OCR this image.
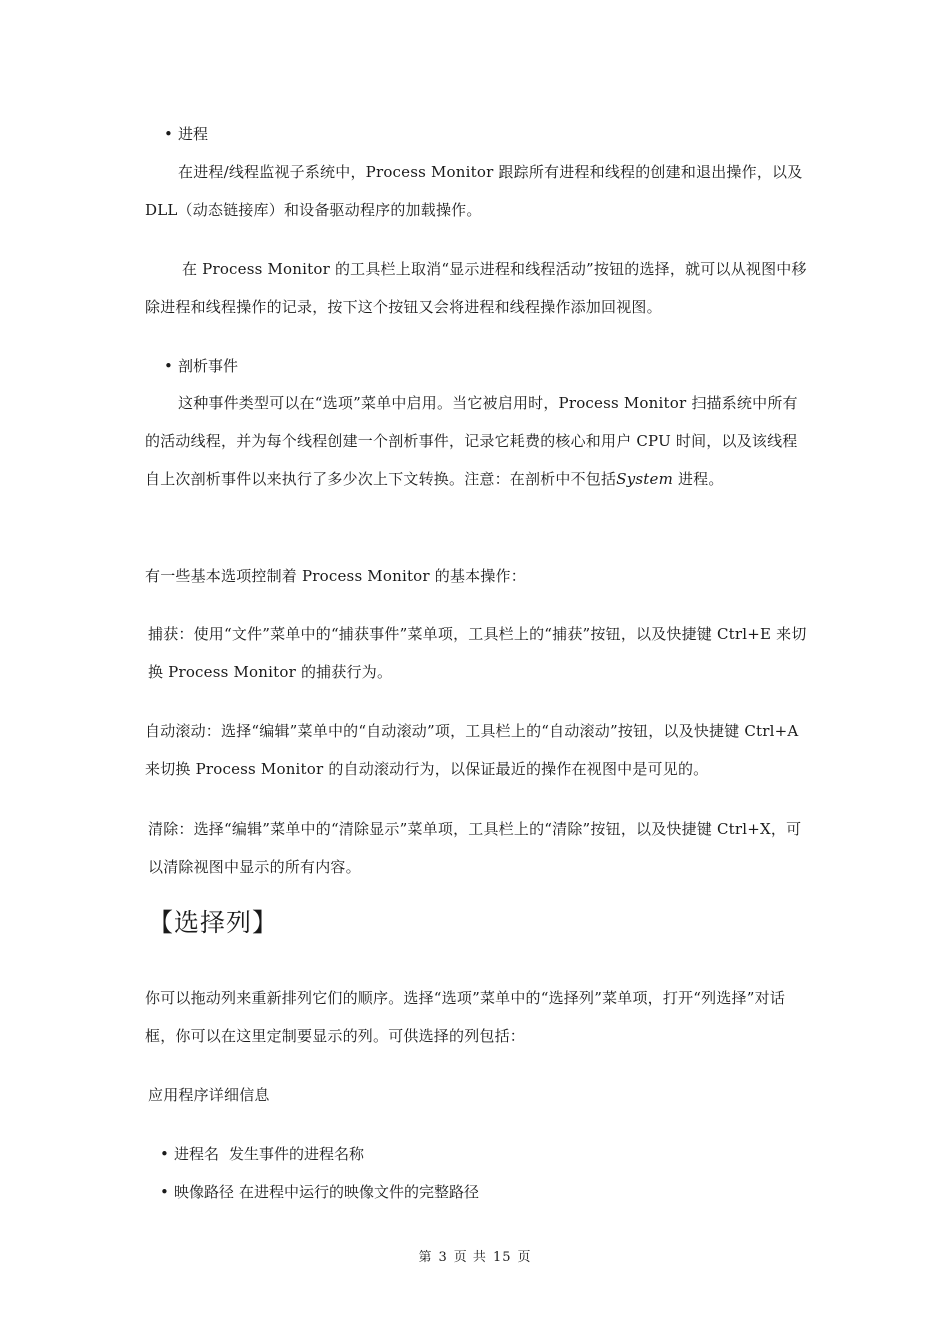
• 进程
在进程/线程监视子系统中，Process Monitor 跟踪所有进程和线程的创建和退出操作，以及 DLL（动态链接库）和设备驱动程序的加载操作。
在 Process Monitor 的工具栏上取消“显示进程和线程活动”按钮的选择，就可以从视图中移除进程和线程操作的记录，按下这个按钮又会将进程和线程操作添加回视图。
• 剖析事件
这种事件类型可以在“选项”菜单中启用。当它被启用时，Process Monitor 扫描系统中所有的活动线程，并为每个线程创建一个剖析事件，记录它耗费的核心和用户 CPU 时间，以及该线程自上次剖析事件以来执行了多少次上下文转换。注意：在剖析中不包括System 进程。
有一些基本选项控制着 Process Monitor 的基本操作：
捕获：使用“文件”菜单中的“捕获事件”菜单项，工具栏上的“捕获”按钮，以及快捷键 Ctrl+E 来切换 Process Monitor 的捕获行为。
自动滚动：选择“编辑”菜单中的“自动滚动”项，工具栏上的“自动滚动”按钮，以及快捷键 Ctrl+A 来切换 Process Monitor 的自动滚动行为，以保证最近的操作在视图中是可见的。
清除：选择“编辑”菜单中的“清除显示”菜单项，工具栏上的“清除”按钮，以及快捷键 Ctrl+X，可以清除视图中显示的所有内容。
【选择列】
你可以拖动列来重新排列它们的顺序。选择“选项”菜单中的“选择列”菜单项，打开“列选择”对话框，你可以在这里定制要显示的列。可供选择的列包括：
应用程序详细信息
• 进程名 发生事件的进程名称
• 映像路径 在进程中运行的映像文件的完整路径
第 3 页 共 15 页
